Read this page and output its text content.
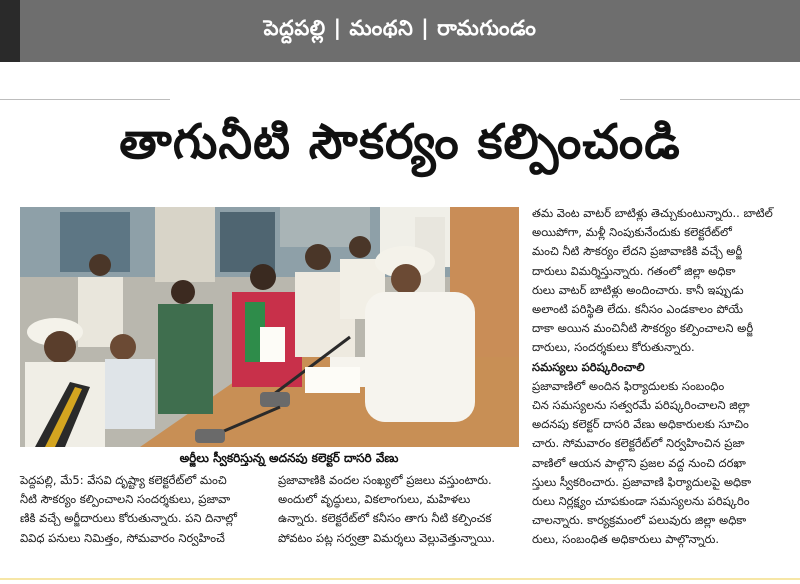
పెద్దపల్లి | మంథని | రామగుండం
తాగునీటి సౌకర్యం కల్పించండి
అర్జీలు స్వీకరిస్తున్న అదనపు కలెక్టర్ దాసరి వేణు

పెద్దపల్లి, మే5: వేసవి దృష్ట్యా కలెక్టరేట్‌లో మంచి

నీటి సౌకర్యం కల్పించాలని సందర్శకులు, ప్రజావా

ణికి వచ్చే అర్జీదారులు కోరుతున్నారు. పని దినాల్లో

వివిధ పనులు నిమిత్తం, సోమవారం నిర్వహించే

ప్రజావాణికి వందల సంఖ్యలో ప్రజలు వస్తుంటారు.

అందులో వృద్ధులు, వికలాంగులు, మహిళలు

ఉన్నారు. కలెక్టరేట్‌లో కనీసం తాగు నీటి కల్పించక

పోవటం పట్ల సర్వత్రా విమర్శలు వెల్లువెత్తున్నాయి.

తమ వెంట వాటర్ బాటిళ్లు తెచ్చుకుంటున్నారు.. బాటిల్

అయిపోగా, మళ్లీ నింపుకునేందుకు కలెక్టరేట్‌లో

మంచి నీటి సౌకర్యం లేదని ప్రజావాణికి వచ్చే అర్జీ

దారులు విమర్శిస్తున్నారు. గతంలో జిల్లా అధికా

రులు వాటర్ బాటిళ్లు అందించారు. కానీ ఇప్పుడు

అలాంటి పరిస్థితి లేదు. కనీసం ఎండకాలం పోయే

దాకా అయిన మంచినీటి సౌకర్యం కల్పించాలని అర్జీ

దారులు, సందర్శకులు కోరుతున్నారు.

సమస్యలు పరిష్కరించాలి

ప్రజావాణిలో అందిన ఫిర్యాదులకు సంబంధిం

చిన సమస్యలను సత్వరమే పరిష్కరించాలని జిల్లా

అదనపు కలెక్టర్ దాసరి వేణు అధికారులకు సూచిం

చారు. సోమవారం కలెక్టరేట్‌లో నిర్వహించిన ప్రజా

వాణిలో ఆయన పాల్గొని ప్రజల వద్ద నుంచి దరఖా

స్తులు స్వీకరించారు. ప్రజావాణి ఫిర్యాదులపై అధికా

రులు నిర్లక్ష్యం చూపకుండా సమస్యలను పరిష్కరిం

చాలన్నారు. కార్యక్రమంలో పలువురు జిల్లా అధికా

రులు, సంబంధిత అధికారులు పాల్గొన్నారు.
